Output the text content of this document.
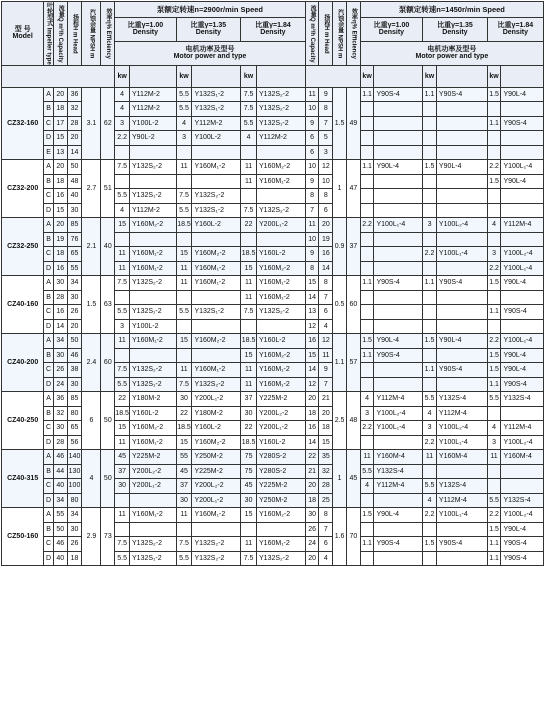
型 号
Model	叶轮型式 Impeller type	流量Q m³/h Capacity	扬程H m Head	汽蚀余量 NPSH m	效率η% Efficiency	泵额定转速n=2900r/min Speed						流量Q m³/h Capacity	扬程H m Head	汽蚀余量 NPSH m	效率η% Efficiency	泵额定转速n=1450r/min Speed					
						比重γ=1.00
Density		比重γ=1.35
Density		比重γ=1.84
Density						比重γ=1.00
Density		比重γ=1.35
Density		比重γ=1.84
Density	
						电机功率及型号
Motor power and type										电机功率及型号
Motor power and type					
						kw		kw		kw						kw		kw		kw	
CZ32-160	A	20	36	3.1	62	4	Y112M-2	5.5	Y132S₁-2	7.5	Y132S₂-2	11	9	1.5	49	1.1	Y90S-4	1.1	Y90S-4	1.5	Y90L-4
	B	18	32			4	Y112M-2	5.5	Y132S₁-2	7.5	Y132S₂-2	10	8								
	C	17	28			3	Y100L-2	4	Y112M-2	5.5	Y132S₁-2	9	7							1.1	Y90S-4
	D	15	20			2.2	Y90L-2	3	Y100L-2	4	Y112M-2	6	5								
	E	13	14									6	3								
CZ32-200	A	20	50	2.7	51	7.5	Y132S₂-2	11	Y160M₁-2	11	Y160M₂-2	10	12	1	47	1.1	Y90L-4	1.5	Y90L-4	2.2	Y100L₁-4
	B	18	48							11	Y160M₁-2	9	10							1.5	Y90L-4
	C	16	40			5.5	Y132S₁-2	7.5	Y132S₂-2			8	8								
	D	15	30			4	Y112M-2	5.5	Y132S₁-2	7.5	Y132S₂-2	7	6								
CZ32-250	A	20	85	2.1	40	15	Y160M₂-2	18.5	Y160L-2	22	Y200L₁-2	11	20	0.9	37	2.2	Y100L₁-4	3	Y100L₂-4	4	Y112M-4
	B	19	76									10	19								
	C	18	65			11	Y160M₁-2	15	Y160M₂-2	18.5	Y160L-2	9	16					2.2	Y100L₁-4	3	Y100L₂-4
	D	16	55			11	Y160M₁-2	11	Y160M₁-2	15	Y160M₂-2	8	14							2.2	Y100L₁-4
CZ40-160	A	30	34	1.5	63	7.5	Y132S₂-2	11	Y160M₁-2	11	Y160M₁-2	15	8	0.5	60	1.1	Y90S-4	1.1	Y90S-4	1.5	Y90L-4
	B	28	30							11	Y160M₁-2	14	7								
	C	16	26			5.5	Y132S₁-2	5.5	Y132S₁-2	7.5	Y132S₂-2	13	6							1.1	Y90S-4
	D	14	20			3	Y100L-2					12	4								
CZ40-200	A	34	50	2.4	60	11	Y160M₁-2	15	Y160M₂-2	18.5	Y160L-2	16	12	1.1	57	1.5	Y90L-4	1.5	Y90L-4	2.2	Y100L₁-4
	B	30	46							15	Y160M₂-2	15	11			1.1	Y90S-4			1.5	Y90L-4
	C	26	38			7.5	Y132S₂-2	11	Y160M₁-2	11	Y160M₁-2	14	9					1.1	Y90S-4	1.5	Y90L-4
	D	24	30			5.5	Y132S₁-2	7.5	Y132S₂-2	11	Y160M₁-2	12	7							1.1	Y90S-4
CZ40-250	A	36	85	6	50	22	Y180M-2	30	Y200L₁-2	37	Y225M-2	20	21	2.5	48	4	Y112M-4	5.5	Y132S-4	5.5	Y132S-4
	B	32	80			18.5	Y160L-2	22	Y180M-2	30	Y200L₂-2	18	20			3	Y100L₂-4	4	Y112M-4		
	C	30	65			15	Y160M₂-2	18.5	Y160L-2	22	Y200L₁-2	16	18			2.2	Y100L₁-4	3	Y100L₂-4	4	Y112M-4
	D	28	56			11	Y160M₁-2	15	Y160M₂-2	18.5	Y160L-2	14	15					2.2	Y100L₁-4	3	Y100L₂-4
CZ40-315	A	46	140	4	50	45	Y225M-2	55	Y250M-2	75	Y280S-2	22	35	1	45	11	Y160M-4	11	Y160M-4	11	Y160M-4
	B	44	130			37	Y200L₂-2	45	Y225M-2	75	Y280S-2	21	32			5.5	Y132S-4				
	C	40	100			30	Y200L₁-2	37	Y200L₂-2	45	Y225M-2	20	28			4	Y112M-4	5.5	Y132S-4		
	D	34	80					30	Y200L₁-2	30	Y250M-2	18	25					4	Y112M-4	5.5	Y132S-4
CZ50-160	A	55	34	2.9	73	11	Y160M₁-2	11	Y160M₁-2	15	Y160M₂-2	30	8	1.6	70	1.5	Y90L-4	2.2	Y100L₁-4	2.2	Y100L₂-4
	B	50	30									26	7							1.5	Y90L-4
	C	46	26			7.5	Y132S₂-2	7.5	Y132S₂-2	11	Y160M₁-2	24	6			1.1	Y90S-4	1.5	Y90S-4	1.1	Y90S-4
	D	40	18			5.5	Y132S₁-2	5.5	Y132S₂-2	7.5	Y132S₂-2	20	4							1.1	Y90S-4
